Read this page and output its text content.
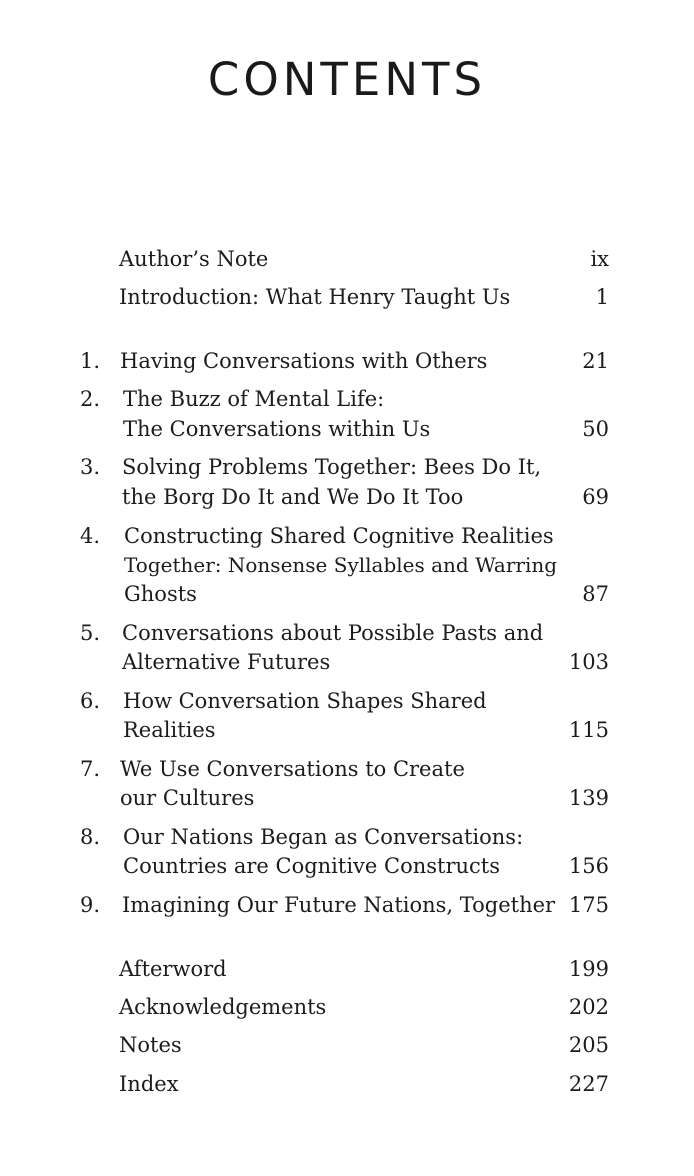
CONTENTS
Author’s Note	ix
Introduction: What Henry Taught Us	1
1. Having Conversations with Others	21
2. The Buzz of Mental Life:
The Conversations within Us	50
3. Solving Problems Together: Bees Do It,
the Borg Do It and We Do It Too	69
4. Constructing Shared Cognitive Realities
Together: Nonsense Syllables and Warring
Ghosts	87
5. Conversations about Possible Pasts and
Alternative Futures	103
6. How Conversation Shapes Shared
Realities	115
7. We Use Conversations to Create
our Cultures	139
8. Our Nations Began as Conversations:
Countries are Cognitive Constructs	156
9. Imagining Our Future Nations, Together 175
Afterword	199
Acknowledgements	202
Notes	205
Index	227
